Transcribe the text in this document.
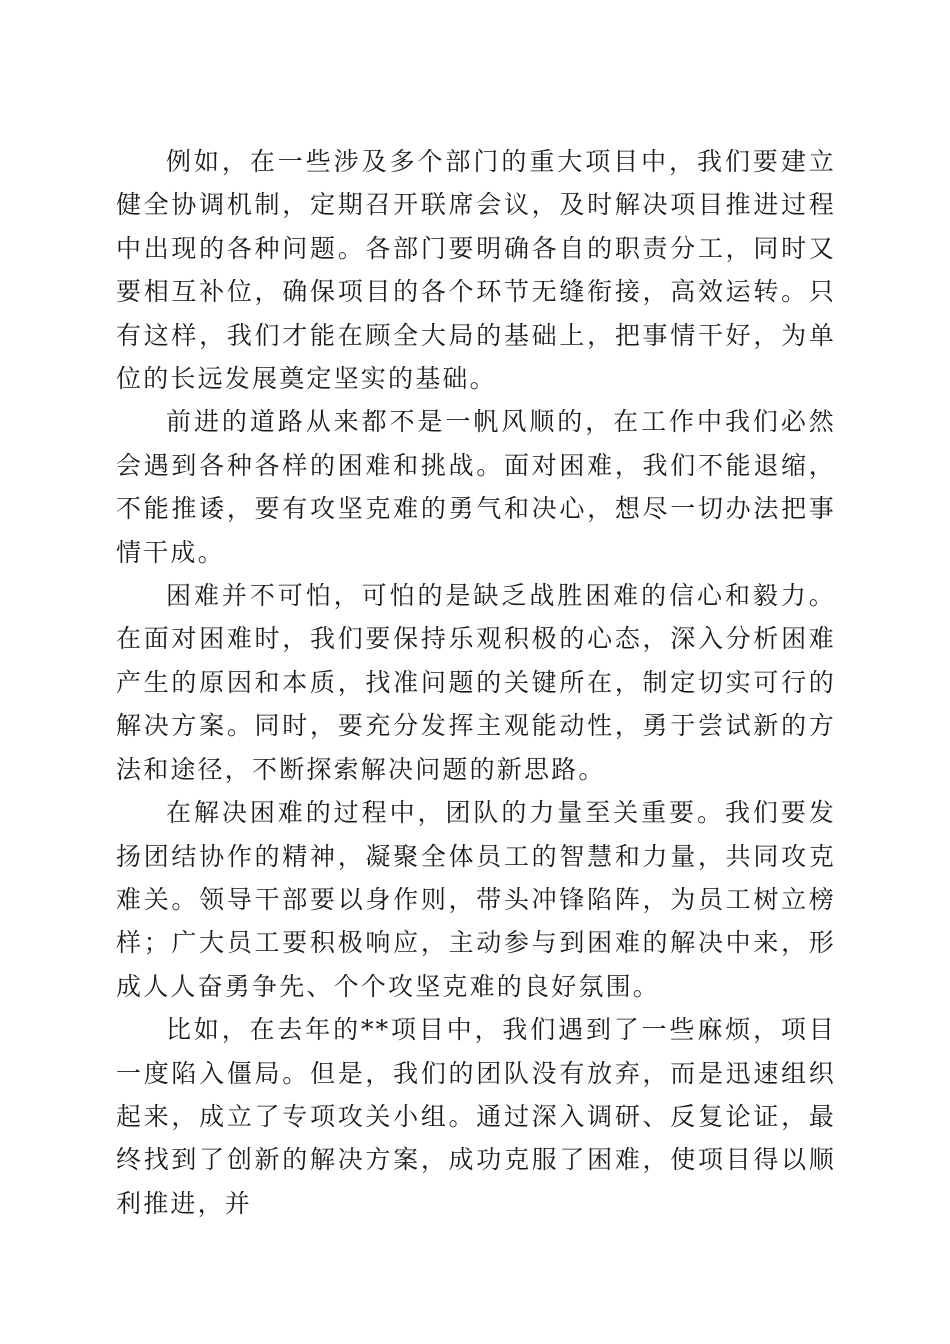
例如，在一些涉及多个部门的重大项目中，我们要建立健全协调机制，定期召开联席会议，及时解决项目推进过程中出现的各种问题。各部门要明确各自的职责分工，同时又要相互补位，确保项目的各个环节无缝衔接，高效运转。只有这样，我们才能在顾全大局的基础上，把事情干好，为单位的长远发展奠定坚实的基础。

前进的道路从来都不是一帆风顺的，在工作中我们必然会遇到各种各样的困难和挑战。面对困难，我们不能退缩，不能推诿，要有攻坚克难的勇气和决心，想尽一切办法把事情干成。

困难并不可怕，可怕的是缺乏战胜困难的信心和毅力。在面对困难时，我们要保持乐观积极的心态，深入分析困难产生的原因和本质，找准问题的关键所在，制定切实可行的解决方案。同时，要充分发挥主观能动性，勇于尝试新的方法和途径，不断探索解决问题的新思路。

在解决困难的过程中，团队的力量至关重要。我们要发扬团结协作的精神，凝聚全体员工的智慧和力量，共同攻克难关。领导干部要以身作则，带头冲锋陷阵，为员工树立榜样；广大员工要积极响应，主动参与到困难的解决中来，形成人人奋勇争先、个个攻坚克难的良好氛围。

比如，在去年的**项目中，我们遇到了一些麻烦，项目一度陷入僵局。但是，我们的团队没有放弃，而是迅速组织起来，成立了专项攻关小组。通过深入调研、反复论证，最终找到了创新的解决方案，成功克服了困难，使项目得以顺利推进，并
